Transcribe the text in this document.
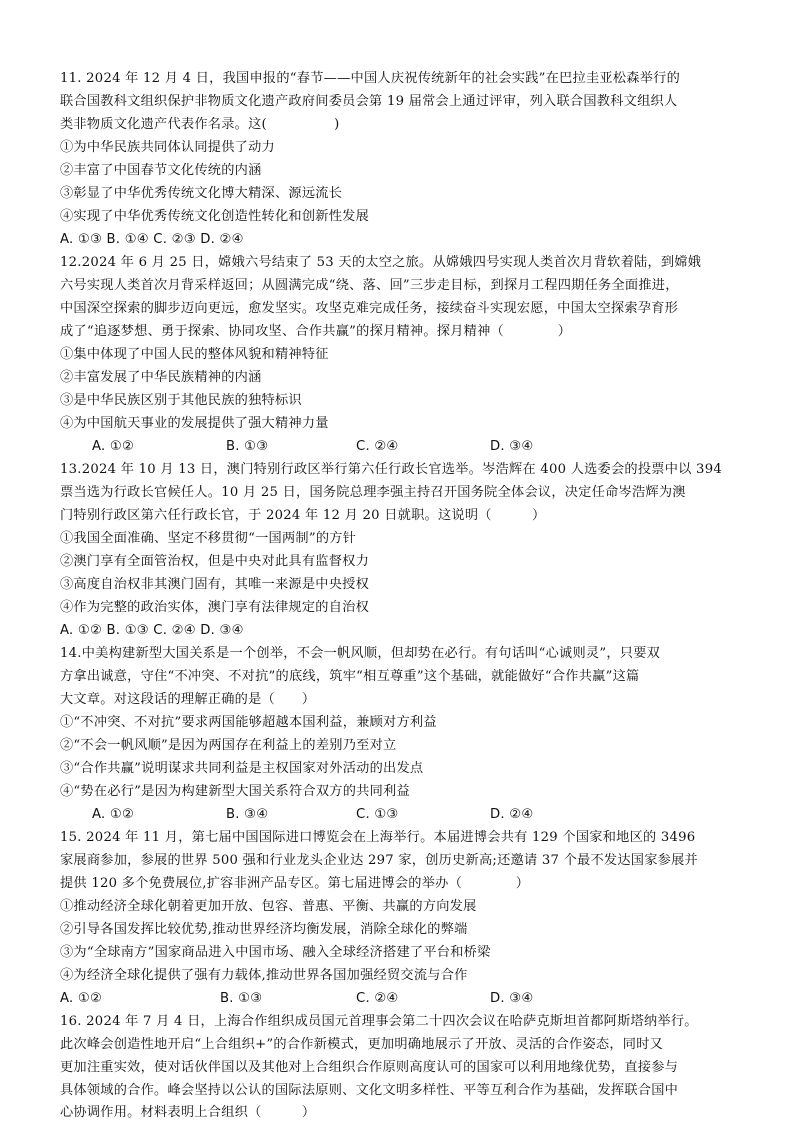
11. 2024 年 12 月 4 日，我国申报的“春节——中国人庆祝传统新年的社会实践”在巴拉圭亚松森举行的
联合国教科文组织保护非物质文化遗产政府间委员会第 19 届常会上通过评审，列入联合国教科文组织人
类非物质文化遗产代表作名录。这(　　　　　)
①为中华民族共同体认同提供了动力
②丰富了中国春节文化传统的内涵
③彰显了中华优秀传统文化博大精深、源远流长
④实现了中华优秀传统文化创造性转化和创新性发展
A. ①③ B. ①④ C. ②③ D. ②④
12.2024 年 6 月 25 日，嫦娥六号结束了 53 天的太空之旅。从嫦娥四号实现人类首次月背软着陆，到嫦娥
六号实现人类首次月背采样返回；从圆满完成“绕、落、回”三步走目标，到探月工程四期任务全面推进，
中国深空探索的脚步迈向更远，愈发坚实。攻坚克难完成任务，接续奋斗实现宏愿，中国太空探索孕育形
成了“追逐梦想、勇于探索、协同攻坚、合作共赢”的探月精神。探月精神（　　　　）
①集中体现了中国人民的整体风貌和精神特征
②丰富发展了中华民族精神的内涵
③是中华民族区别于其他民族的独特标识
④为中国航天事业的发展提供了强大精神力量
A. ①②	B. ①③	C. ②④	D. ③④
13.2024 年 10 月 13 日，澳门特别行政区举行第六任行政长官选举。岑浩辉在 400 人选委会的投票中以 394
票当选为行政长官候任人。10 月 25 日，国务院总理李强主持召开国务院全体会议，决定任命岑浩辉为澳
门特别行政区第六任行政长官，于 2024 年 12 月 20 日就职。这说明（　　　）
①我国全面准确、坚定不移贯彻“一国两制”的方针
②澳门享有全面管治权，但是中央对此具有监督权力
③高度自治权非其澳门固有，其唯一来源是中央授权
④作为完整的政治实体，澳门享有法律规定的自治权
A. ①② B. ①③ C. ②④ D. ③④
14.中美构建新型大国关系是一个创举，不会一帆风顺，但却势在必行。有句话叫“心诚则灵”，只要双
方拿出诚意，守住“不冲突、不对抗”的底线，筑牢“相互尊重”这个基础，就能做好“合作共赢”这篇
大文章。对这段话的理解正确的是（　　）
①“不冲突、不对抗”要求两国能够超越本国利益，兼顾对方利益
②“不会一帆风顺”是因为两国存在利益上的差别乃至对立
③“合作共赢”说明谋求共同利益是主权国家对外活动的出发点
④“势在必行”是因为构建新型大国关系符合双方的共同利益
A. ①②	B. ③④	C. ①③	D. ②④
15. 2024 年 11 月，第七届中国国际进口博览会在上海举行。本届进博会共有 129 个国家和地区的 3496
家展商参加，参展的世界 500 强和行业龙头企业达 297 家，创历史新高;还邀请 37 个最不发达国家参展并
提供 120 多个免费展位,扩容非洲产品专区。第七届进博会的举办（　　　　）
①推动经济全球化朝着更加开放、包容、普惠、平衡、共赢的方向发展
②引导各国发挥比较优势,推动世界经济均衡发展，消除全球化的弊端
③为“全球南方”国家商品进入中国市场、融入全球经济搭建了平台和桥梁
④为经济全球化提供了强有力载体,推动世界各国加强经贸交流与合作
A. ①②	B. ①③	C. ②④	D. ③④
16. 2024 年 7 月 4 日，上海合作组织成员国元首理事会第二十四次会议在哈萨克斯坦首都阿斯塔纳举行。
此次峰会创造性地开启“上合组织+”的合作新模式，更加明确地展示了开放、灵活的合作姿态，同时又
更加注重实效，使对话伙伴国以及其他对上合组织合作原则高度认可的国家可以利用地缘优势，直接参与
具体领域的合作。峰会坚持以公认的国际法原则、文化文明多样性、平等互利合作为基础，发挥联合国中
心协调作用。材料表明上合组织（　　　）
